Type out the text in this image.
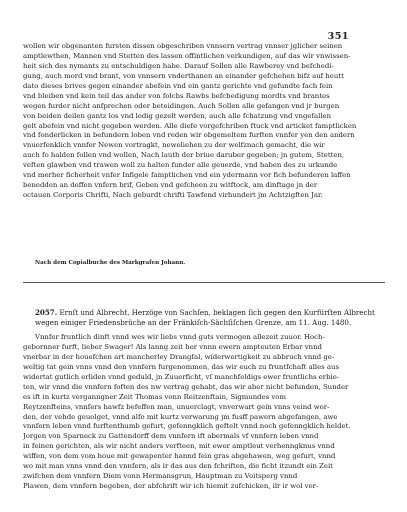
351
wollen wir obgenanten fursten dissen obgeschriben vnnsern vertrag vnnser jglicher seinen
amptlewthen, Mannen vnd Stetten des lassen offintlichen verkundigen, auf das wir vnwissen-
heit sich des nymants zu entschuldigen habe. Darauf Sollen alle Rawberey vnd befchedi-
gung, auch mord vnd brant, von vnnsern vnderthanen an einander gefchehen bifz auf heutt
dato dieses brives gegen einander abefein vnd ein gantz gerichte vnd gefundte fach fein
vnd bleiben vnd kein teil das ander von folchs Rawbs befchedigung mordts vnd brantes
wegen furder nicht anfprechen oder beteidingen. Auch Sollen alle gefangen vnd jr burgen
von beiden deilen gantz los vnd ledig gezelt werden, auch alle fchatzung vnd vngefallen
gelt abefein vnd nicht gegeben werden. Alle diefe vorgefchriben ftuck vnd articket famptlicken
vnd fonderlicken in befundern loben vnd reden wir obgemeltem furften vnnfer yen den andern
vnuerfenklich vnnfer Newen vortragkt, neweliehen zu der welfznach gemacht, die wir
auch fo halden follen vnd wollen, Nach lauth der briue daruber gegeben; jn gutem, Stetten,
veften glawben vnd trawen woll zu halten funder alle geuerde, vnd haben des zu urkunde
vnd merher ficherheit vnfer Infigele famptlichen vnd ein ydermann vor fich befunderen laffen
benedden an deffen vnfern brif, Geben vnd gefcheen zu witftock, am dinftage jn der
octauen Corporis Chrifti, Nach geburdt chrifti Tawfend virhundert jm Achtzigften Jar.
Nach dem Copialbuche des Markgrafen Johann.
2057. Ernſt und Albrecht, Herzöge von Sachſen, beklagen ſich gegen den Kurfürſten Albrecht
wegen einiger Friedensbrüche an der Fränkiſch-Sächſiſchen Grenze, am 11. Aug. 1480.
Vnnfer fruntlich dinft vnnd wes wir liebs vnnd guts vermogen allezeit zuuor. Hoch-
gebornner furft, lieber Swager! Als lanng zeit her vnnn ewern ampteuten Erbar vnnd
vnerbar in der houefchen art mancherley Drangfal, widerwertigkeit zu abbruch vnnd ge-
weltig tat gein vnns vnnd den vnnfern furgenommen, das wir euch zu fruntfchaft alles aus
widertat gutlich erliden vnnd geduld, jn Zuuerficht, vſ manchfeldigs ewer fruntlichs erbie-
ten, wir vnnd die vnnfern foften des nw vertrag gehabt, das wir aber nicht befunden, Sunder
es ift in kurtz verganngner Zeit Thomas vonn Reitzenftain, Sigmundes vom
Reytzenfteins, vnnfers hawfz befeffen man, unuerclagt, vnverwart gein vnns veind wor-
den, der vehde geuolget, vnnd alfo mit kurtz verwarung jm fusff pawern abgefangen, awe
vnnfern leben vnnd furftenthumb gefurt, gefenngklich geftelt vnnd noch gefenngklich heldet.
Jorgen von Sparneck zu Gattendorff dem vnnfern ift abermals vf vnnfern leben vnnd
in feinen gerichten, als wir nicht anders verfteen, mit ewer amptleut verhenngknus vnnd
wiffen, von dem vom houe mit gewapenter hannd fein gras abgehawen, weg gefurt, vnnd
wo mit man vnns vnnd den vnnfern, als ir das aus den fchriften, die ficht itzundt ein Zeit
zwifchen dem vnnfern Diem vonn Hermansgrun, Hauptman zu Voitsperg vnnd
Plawen, dem vnnfern begeben, der abfchrift wir ich hiemit zufchicken, ilr ir wol ver-
